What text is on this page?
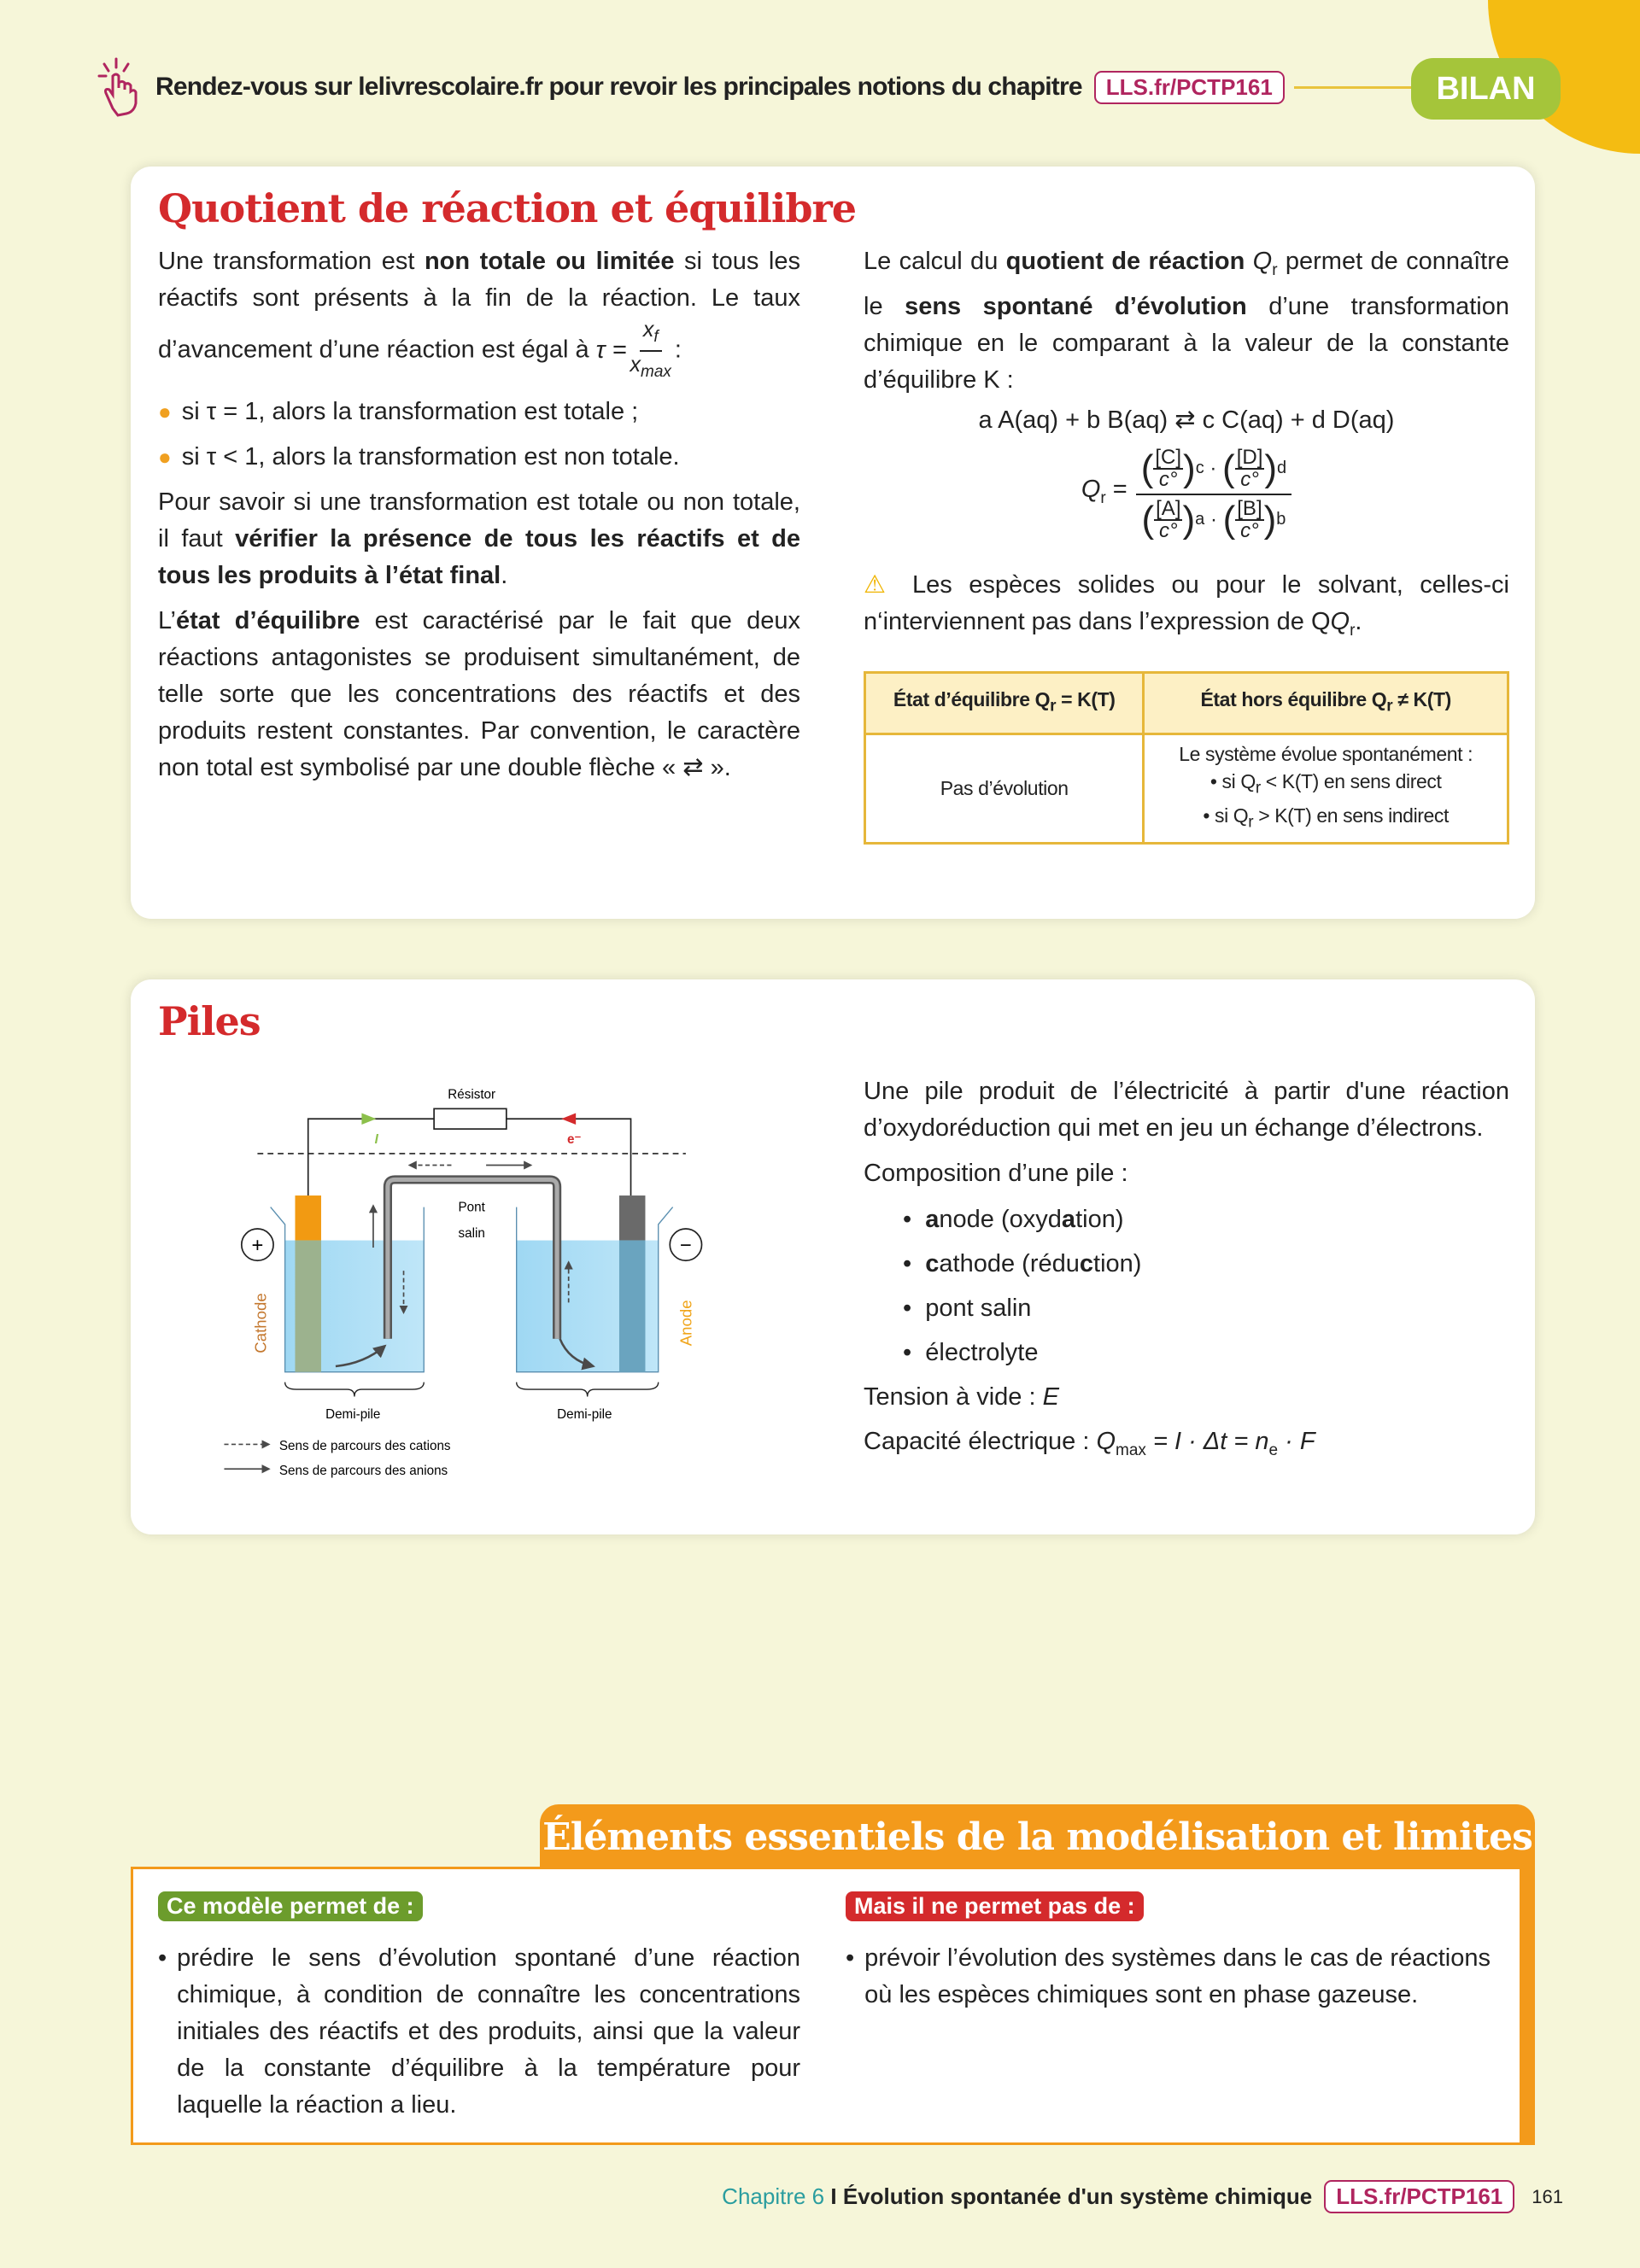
Rendez-vous sur lelivrescolaire.fr pour revoir les principales notions du chapitre	LLS.fr/PCTP161	BILAN
Quotient de réaction et équilibre

Une transformation est non totale ou limitée si tous les réactifs sont présents à la fin de la réaction. Le taux d’avancement d’une réaction est égal à $\tau = \frac{x_f}{x_{max}}$ :

● si τ = 1, alors la transformation est totale ;
● si τ < 1, alors la transformation est non totale.

Pour savoir si une transformation est totale ou non totale, il faut vérifier la présence de tous les réactifs et de tous les produits à l’état final.

L’état d’équilibre est caractérisé par le fait que deux réactions antagonistes se produisent simultanément, de telle sorte que les concentrations des réactifs et des produits restent constantes. Par convention, le caractère non total est symbolisé par une double flèche « ⇄ ».

Le calcul du quotient de réaction $Q_r$ permet de connaître le sens spontané d’évolution d’une transformation chimique en le comparant à la valeur de la constante d’équilibre K :

a A(aq) + b B(aq) ⇄ c C(aq) + d D(aq)
$Q_r$ = ( [C]
c° ) c
·
( [D]
c° ) d
( [A]
c° ) a
·
( [B]
c° ) b

⚠ Les espèces solides ou pour le solvant, celles-ci n‘interviennent pas dans l’expression de $QQ_r$.

État d’équilibre $Q_r = K(T)$	État hors équilibre $Q_r \ne K(T)$
Pas d’évolution	Le système évolue spontanément :
• si $Q_r < K(T)$ en sens direct
• si $Q_r > K(T)$ en sens indirect
Piles

Une pile produit de l’électricité à partir d'une réaction d’oxydoréduction qui met en jeu un échange d’électrons.

Composition d’une pile :

•  anode (oxydation)
•  cathode (réduction)
•  pont salin
•  électrolyte
Tension à vide : E
Capacité électrique : $Q_{max} = I \cdot \Delta t = n_e \cdot F$
Résistor
I	e⁻
Pont
salin
+	−
Cathode	Anode
Demi-pile	Demi-pile
Sens de parcours des cations
Sens de parcours des anions
Éléments essentiels de la modélisation et limites
Ce modèle permet de :
• prédire le sens d’évolution spontané d’une réaction chimique, à condition de connaître les concentrations initiales des réactifs et des produits, ainsi que la valeur de la constante d’équilibre à la température pour laquelle la réaction a lieu.
Mais il ne permet pas de :
• prévoir l’évolution des systèmes dans le cas de réactions où les espèces chimiques sont en phase gazeuse.
Chapitre 6 I Évolution spontanée d'un système chimique	LLS.fr/PCTP161	161
